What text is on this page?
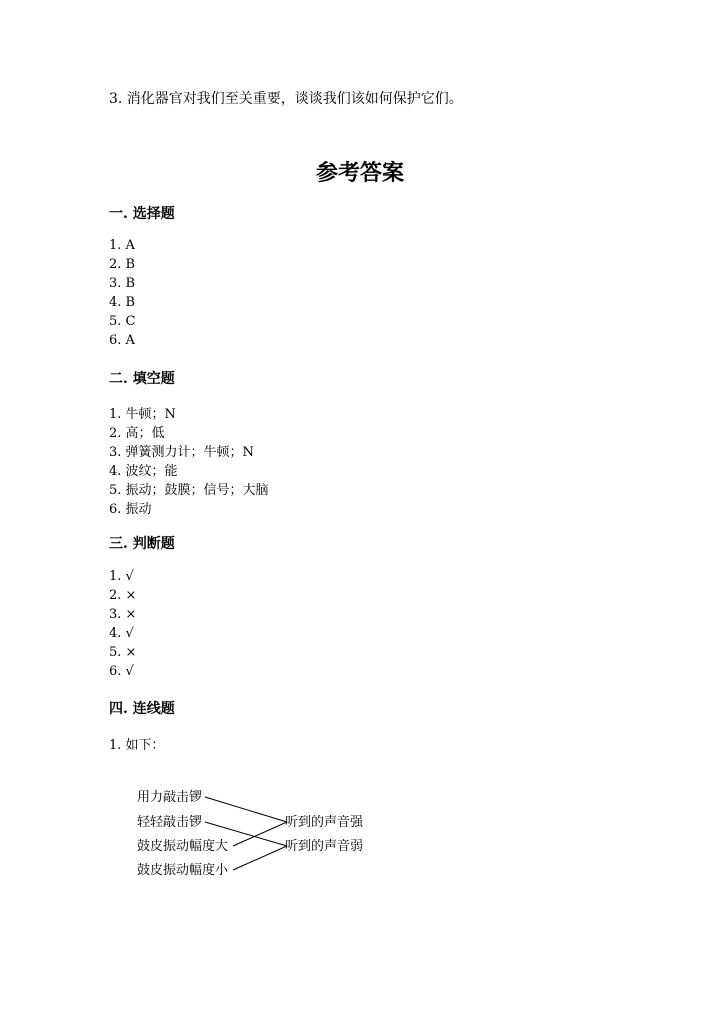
3. 消化器官对我们至关重要，谈谈我们该如何保护它们。
参考答案
一. 选择题
1. A
2. B
3. B
4. B
5. C
6. A
二. 填空题
1. 牛顿；N
2. 高；低
3. 弹簧测力计；牛顿；N
4. 波纹；能
5. 振动；鼓膜；信号；大脑
6. 振动
三. 判断题
1. √
2. ×
3. ×
4. √
5. ×
6. √
四. 连线题
1. 如下：
用力敲击锣
轻轻敲击锣
鼓皮振动幅度大
鼓皮振动幅度小
听到的声音强
听到的声音弱
